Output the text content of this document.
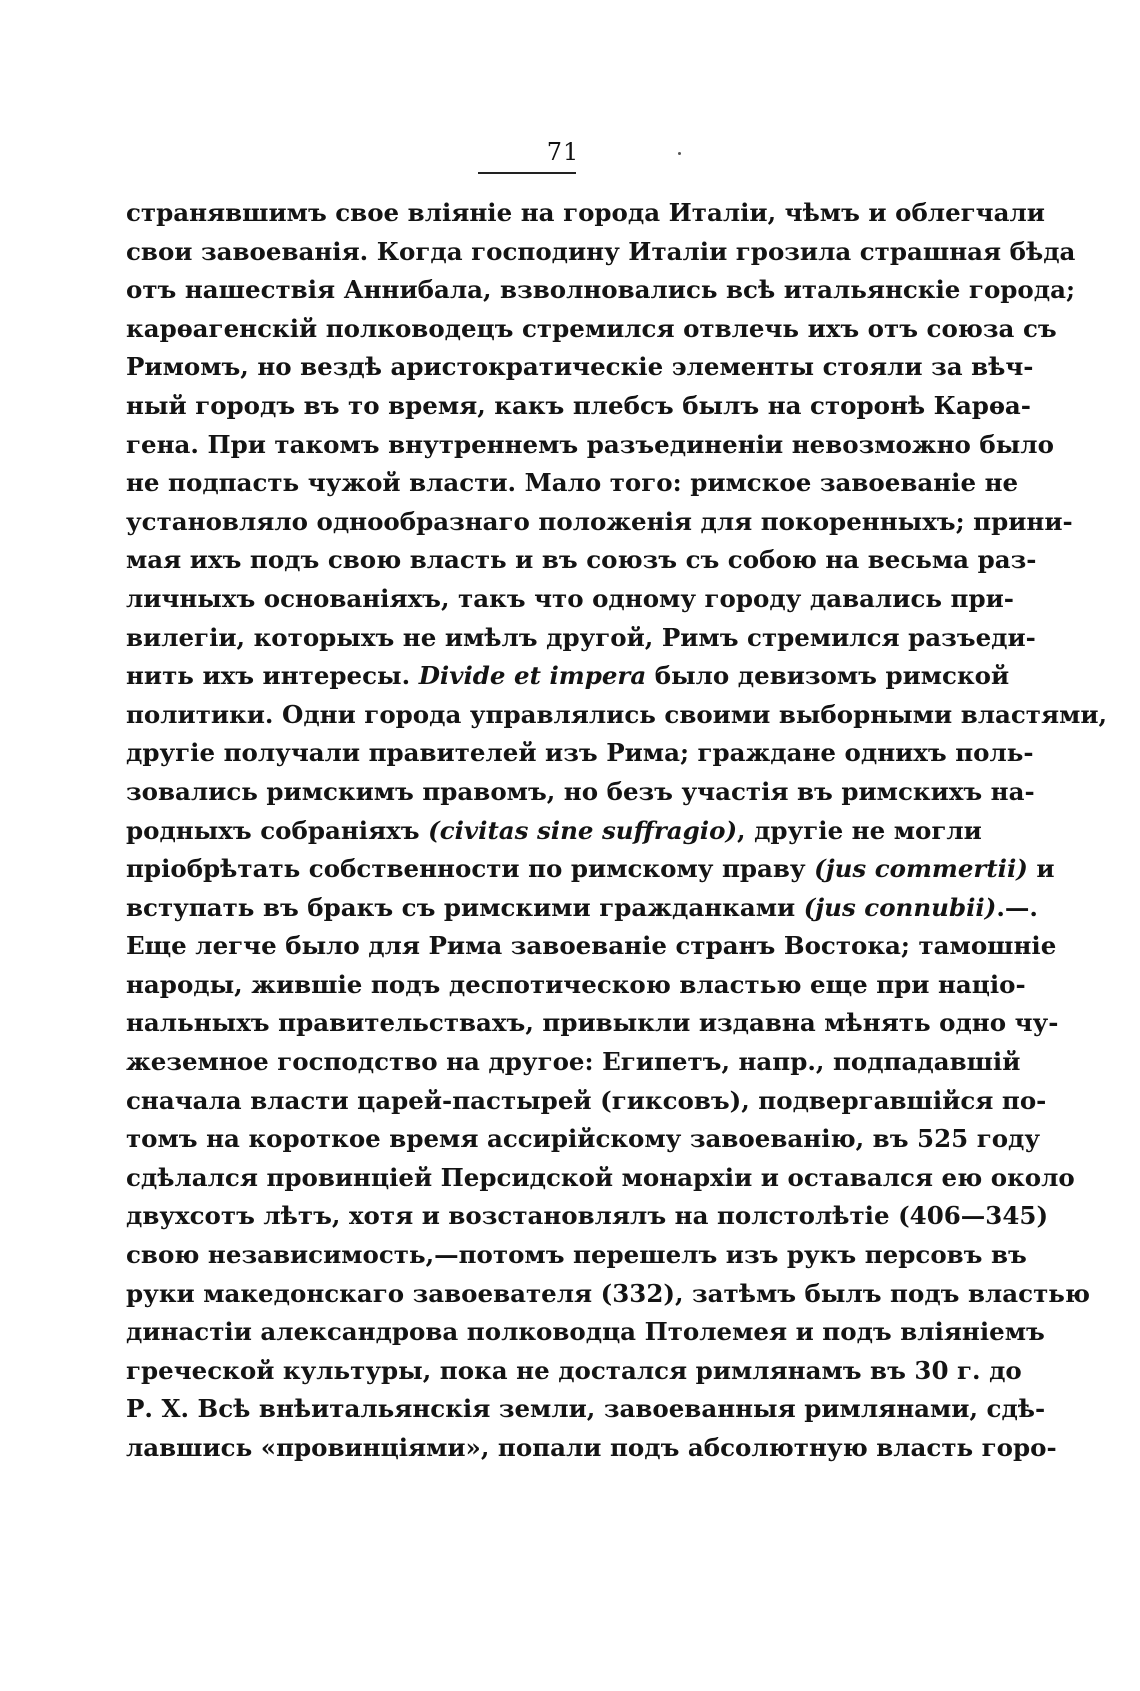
71
странявшимъ свое вліяніе на города Италіи, чѣмъ и облегчали
свои завоеванія. Когда господину Италіи грозила страшная бѣда
отъ нашествія Аннибала, взволновались всѣ итальянскіе города;
карѳагенскій полководецъ стремился отвлечь ихъ отъ союза съ
Римомъ, но вездѣ аристократическіе элементы стояли за вѣч-
ный городъ въ то время, какъ плебсъ былъ на сторонѣ Карѳа-
гена. При такомъ внутреннемъ разъединеніи невозможно было
не подпасть чужой власти. Мало того: римское завоеваніе не
установляло однообразнаго положенія для покоренныхъ; прини-
мая ихъ подъ свою власть и въ союзъ съ собою на весьма раз-
личныхъ основаніяхъ, такъ что одному городу давались при-
вилегіи, которыхъ не имѣлъ другой, Римъ стремился разъеди-
нить ихъ интересы. Divide et impera было девизомъ римской
политики. Одни города управлялись своими выборными властями,
другіе получали правителей изъ Рима; граждане однихъ поль-
зовались римскимъ правомъ, но безъ участія въ римскихъ на-
родныхъ собраніяхъ (civitas sine suffragio), другіе не могли
пріобрѣтать собственности по римскому праву (jus commertii) и
вступать въ бракъ съ римскими гражданками (jus connubii).—.
Еще легче было для Рима завоеваніе странъ Востока; тамошніе
народы, жившіе подъ деспотическою властью еще при націо-
нальныхъ правительствахъ, привыкли издавна мѣнять одно чу-
жеземное господство на другое: Египетъ, напр., подпадавшій
сначала власти царей-пастырей (гиксовъ), подвергавшійся по-
томъ на короткое время ассирійскому завоеванію, въ 525 году
сдѣлался провинціей Персидской монархіи и оставался ею около
двухсотъ лѣтъ, хотя и возстановлялъ на полстолѣтіе (406—345)
свою независимость,—потомъ перешелъ изъ рукъ персовъ въ
руки македонскаго завоевателя (332), затѣмъ былъ подъ властью
династіи александрова полководца Птолемея и подъ вліяніемъ
греческой культуры, пока не достался римлянамъ въ 30 г. до
Р. Х. Всѣ внѣитальянскія земли, завоеванныя римлянами, сдѣ-
лавшись «провинціями», попали подъ абсолютную власть горо-
